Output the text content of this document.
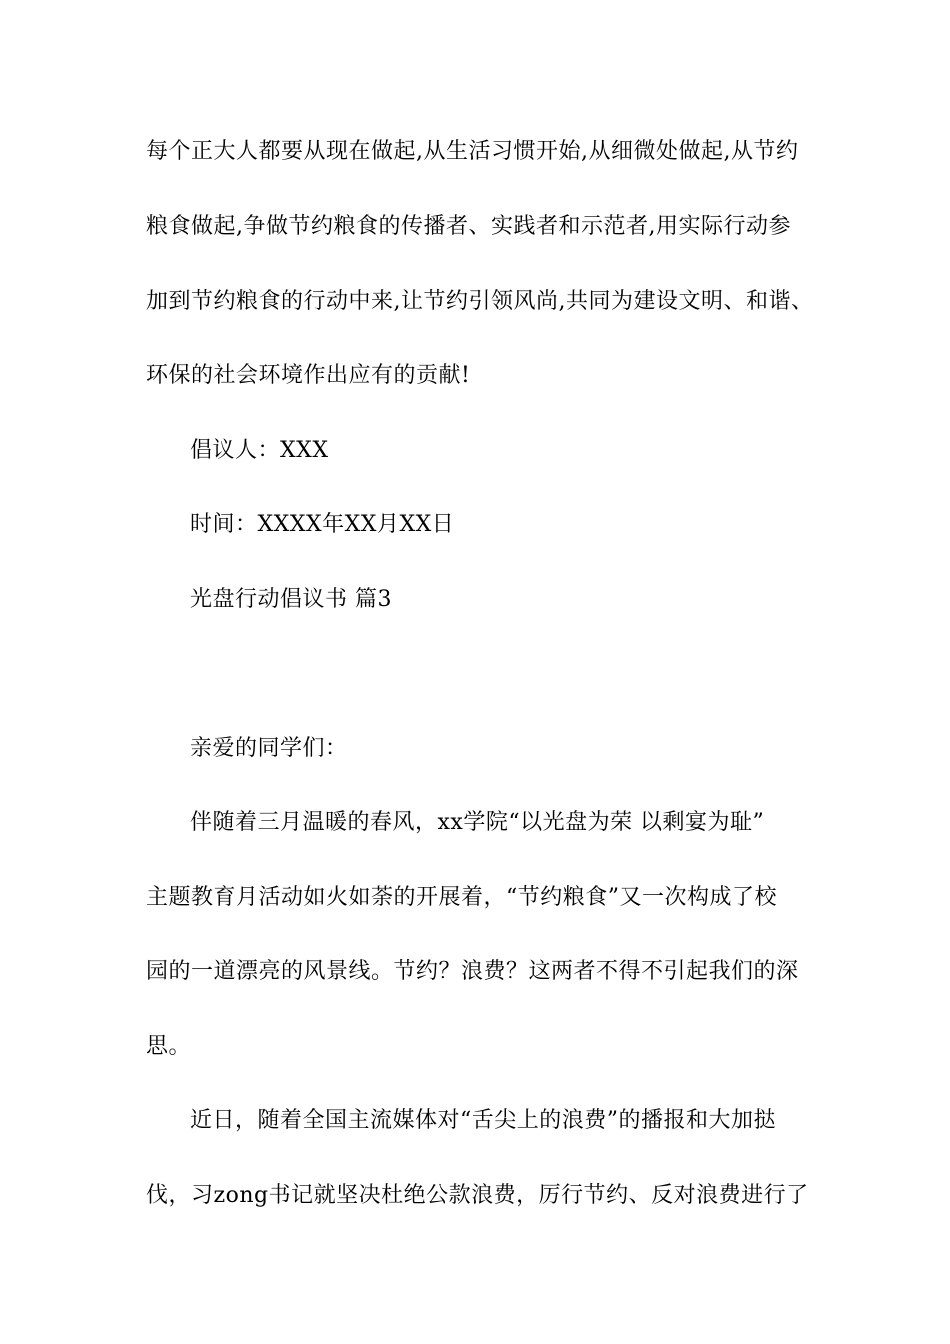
每个正大人都要从现在做起,从生活习惯开始,从细微处做起,从节约
粮食做起,争做节约粮食的传播者、实践者和示范者,用实际行动参
加到节约粮食的行动中来,让节约引领风尚,共同为建设文明、和谐、
环保的社会环境作出应有的贡献!
倡议人：XXX
时间：XXXX年XX月XX日
光盘行动倡议书 篇3
亲爱的同学们：
伴随着三月温暖的春风，xx学院“以光盘为荣 以剩宴为耻”
主题教育月活动如火如荼的开展着，“节约粮食”又一次构成了校
园的一道漂亮的风景线。节约？浪费？这两者不得不引起我们的深
思。
近日，随着全国主流媒体对“舌尖上的浪费”的播报和大加挞
伐，习zong书记就坚决杜绝公款浪费，厉行节约、反对浪费进行了
